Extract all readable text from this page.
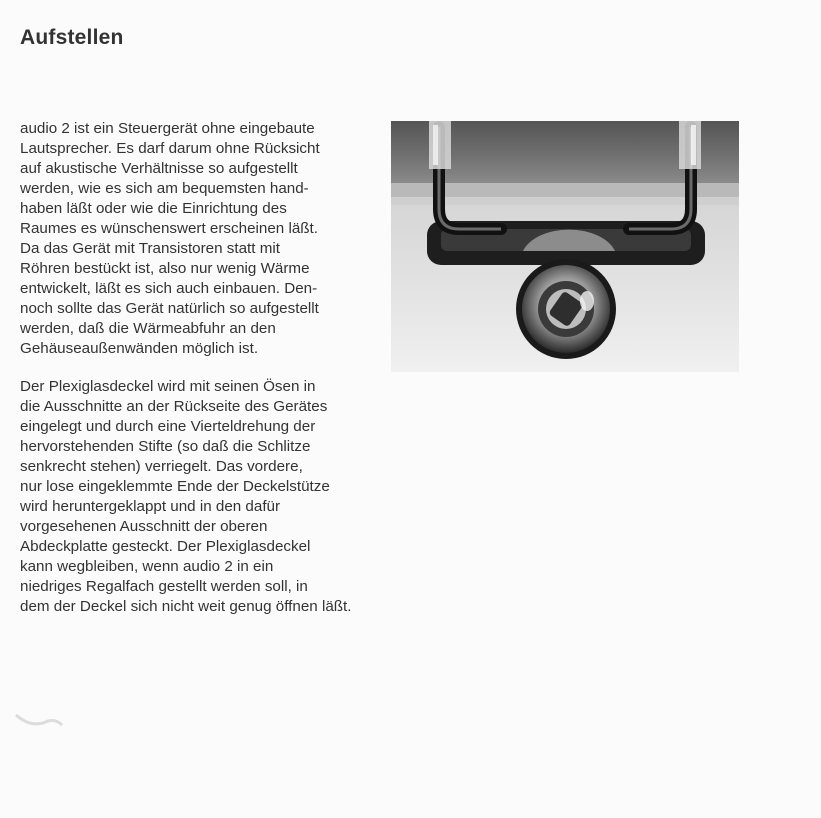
Aufstellen

audio 2 ist ein Steuergerät ohne eingebaute
Lautsprecher. Es darf darum ohne Rücksicht
auf akustische Verhältnisse so aufgestellt
werden, wie es sich am bequemsten hand-
haben läßt oder wie die Einrichtung des
Raumes es wünschenswert erscheinen läßt.
Da das Gerät mit Transistoren statt mit
Röhren bestückt ist, also nur wenig Wärme
entwickelt, läßt es sich auch einbauen. Den-
noch sollte das Gerät natürlich so aufgestellt
werden, daß die Wärmeabfuhr an den
Gehäuseaußenwänden möglich ist.

Der Plexiglasdeckel wird mit seinen Ösen in
die Ausschnitte an der Rückseite des Gerätes
eingelegt und durch eine Vierteldrehung der
hervorstehenden Stifte (so daß die Schlitze
senkrecht stehen) verriegelt. Das vordere,
nur lose eingeklemmte Ende der Deckelstütze
wird heruntergeklappt und in den dafür
vorgesehenen Ausschnitt der oberen
Abdeckplatte gesteckt. Der Plexiglasdeckel
kann wegbleiben, wenn audio 2 in ein
niedriges Regalfach gestellt werden soll, in
dem der Deckel sich nicht weit genug öffnen läßt.
